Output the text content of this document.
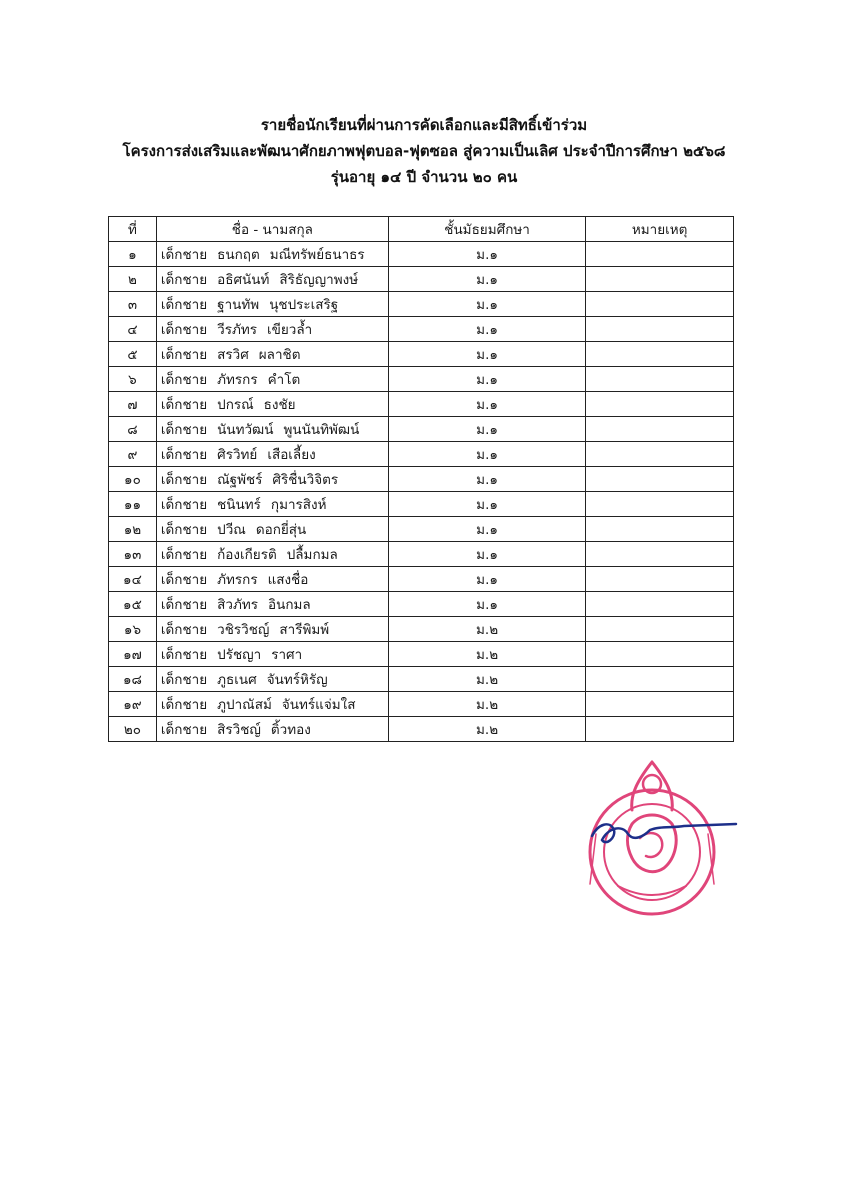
รายชื่อนักเรียนที่ผ่านการคัดเลือกและมีสิทธิ์เข้าร่วม
โครงการส่งเสริมและพัฒนาศักยภาพฟุตบอล-ฟุตซอล สู่ความเป็นเลิศ ประจำปีการศึกษา ๒๕๖๘
รุ่นอายุ ๑๔ ปี จำนวน ๒๐ คน
ที่	ชื่อ - นามสกุล	ชั้นมัธยมศึกษา	หมายเหตุ
๑	เด็กชาย ธนกฤต มณีทรัพย์ธนาธร	ม.๑	
๒	เด็กชาย อธิศนันท์ สิริธัญญาพงษ์	ม.๑	
๓	เด็กชาย ฐานทัพ นุชประเสริฐ	ม.๑	
๔	เด็กชาย วีรภัทร เขียวล้ำ	ม.๑	
๕	เด็กชาย สรวิศ ผลาชิต	ม.๑	
๖	เด็กชาย ภัทรกร คำโต	ม.๑	
๗	เด็กชาย ปกรณ์ ธงชัย	ม.๑	
๘	เด็กชาย นันทวัฒน์ พูนนันทิพัฒน์	ม.๑	
๙	เด็กชาย ศิรวิทย์ เสือเลี้ยง	ม.๑	
๑๐	เด็กชาย ณัฐพัชร์ ศิริชื่นวิจิตร	ม.๑	
๑๑	เด็กชาย ชนินทร์ กุมารสิงห์	ม.๑	
๑๒	เด็กชาย ปวีณ ดอกยี่สุ่น	ม.๑	
๑๓	เด็กชาย ก้องเกียรติ ปลื้มกมล	ม.๑	
๑๔	เด็กชาย ภัทรกร แสงชื่อ	ม.๑	
๑๕	เด็กชาย สิวภัทร อินกมล	ม.๑	
๑๖	เด็กชาย วชิรวิชญ์ สารีพิมพ์	ม.๒	
๑๗	เด็กชาย ปรัชญา ราศา	ม.๒	
๑๘	เด็กชาย ภูธเนศ จันทร์หิรัญ	ม.๒	
๑๙	เด็กชาย ภูปาณัสม์ จันทร์แจ่มใส	ม.๒	
๒๐	เด็กชาย สิรวิชญ์ ติ้วทอง	ม.๒	
